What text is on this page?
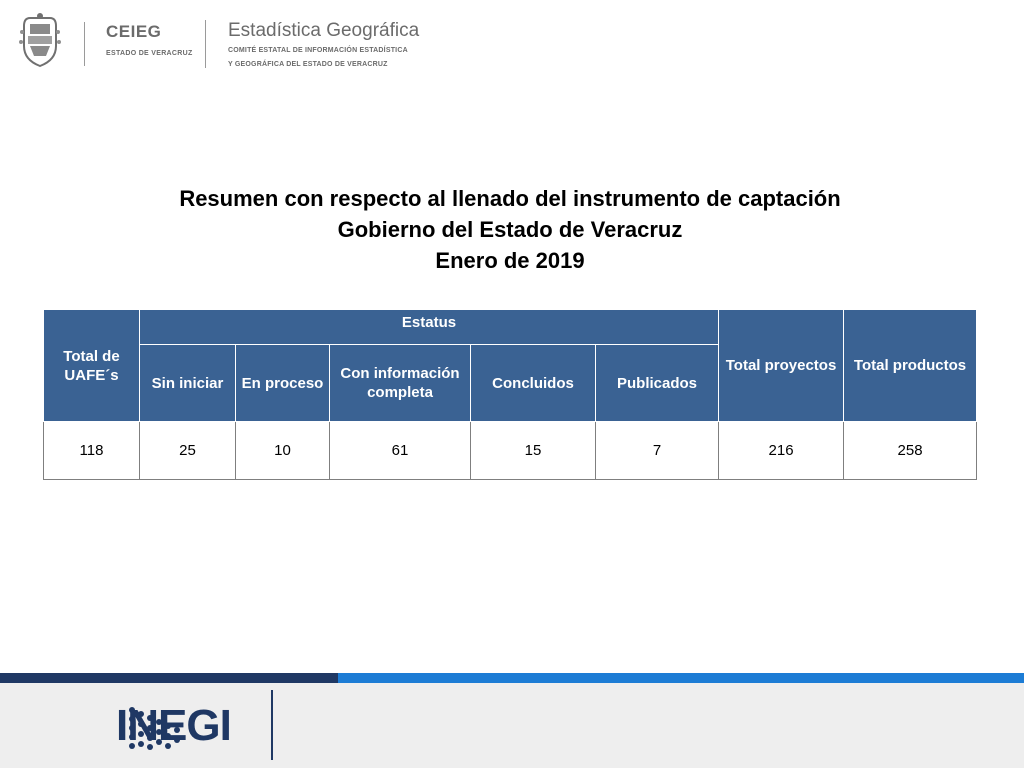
CEIEG
ESTADO DE VERACRUZ
Estadística Geográfica
COMITÉ ESTATAL DE INFORMACIÓN ESTADÍSTICA
Y GEOGRÁFICA DEL ESTADO DE VERACRUZ
Resumen con respecto al llenado del instrumento de captación
Gobierno del Estado de Veracruz
Enero de 2019
Total de UAFE´s	Estatus					Total proyectos	Total productos
	Sin iniciar	En proceso	Con información completa	Concluidos	Publicados		
118	25	10	61	15	7	216	258
INEGI
